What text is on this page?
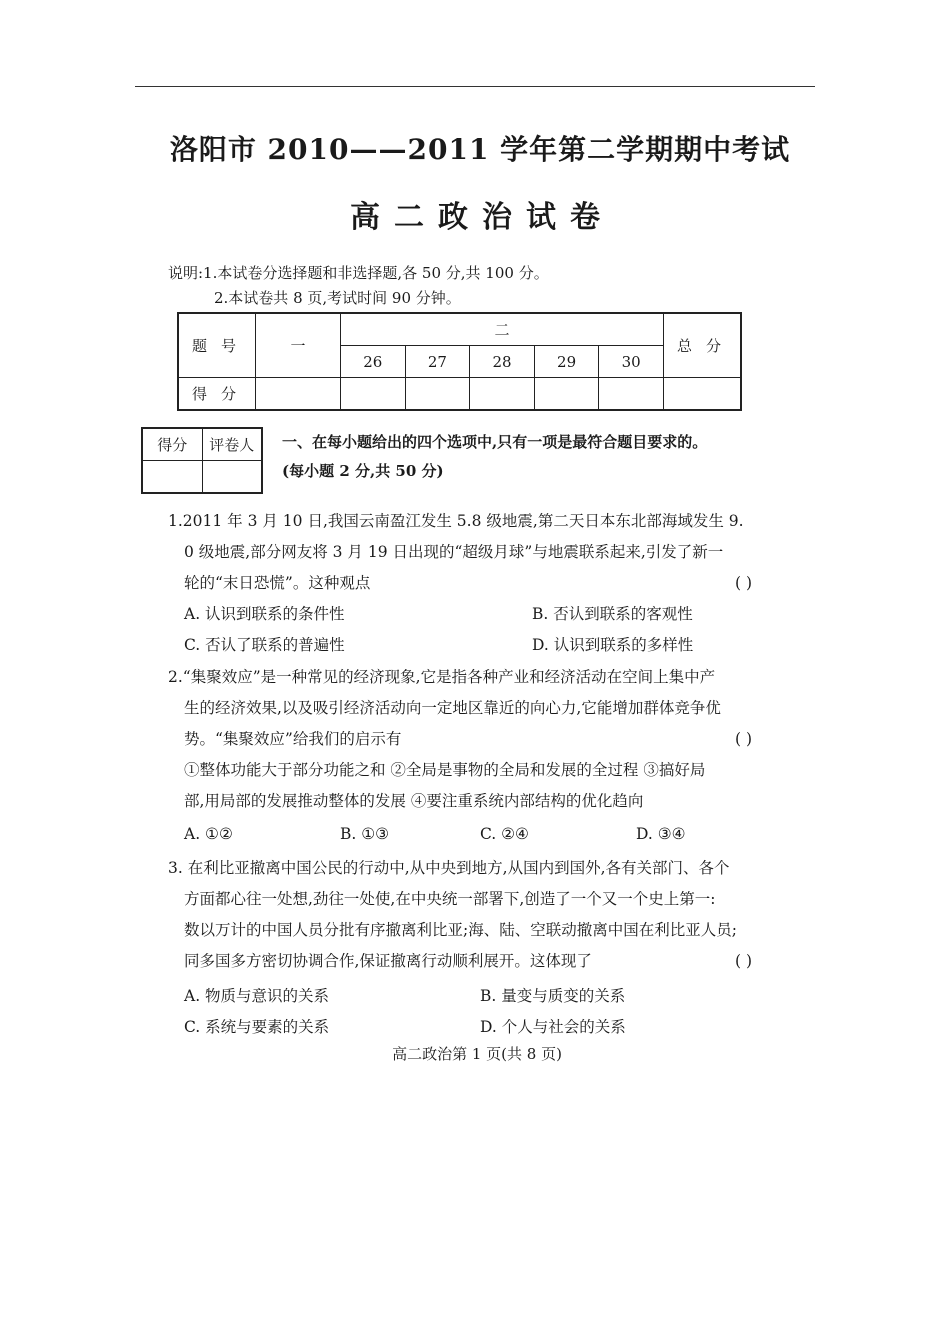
洛阳市 2010——2011 学年第二学期期中考试
高二政治试卷
说明:1.本试卷分选择题和非选择题,各 50 分,共 100 分。
2.本试卷共 8 页,考试时间 90 分钟。
题号	一	二					总分
		26	27	28	29	30	
得分							
得分	评卷人
	一、在每小题给出的四个选项中,只有一项是最符合题目要求的。
(每小题 2 分,共 50 分)
1.2011 年 3 月 10 日,我国云南盈江发生 5.8 级地震,第二天日本东北部海域发生 9.
0 级地震,部分网友将 3 月 19 日出现的“超级月球”与地震联系起来,引发了新一
轮的“末日恐慌”。这种观点	( )
A. 认识到联系的条件性	B. 否认到联系的客观性
C. 否认了联系的普遍性	D. 认识到联系的多样性
2.“集聚效应”是一种常见的经济现象,它是指各种产业和经济活动在空间上集中产
生的经济效果,以及吸引经济活动向一定地区靠近的向心力,它能增加群体竞争优
势。“集聚效应”给我们的启示有	( )
①整体功能大于部分功能之和 ②全局是事物的全局和发展的全过程 ③搞好局
部,用局部的发展推动整体的发展 ④要注重系统内部结构的优化趋向
A. ①②	B. ①③	C. ②④	D. ③④
3. 在利比亚撤离中国公民的行动中,从中央到地方,从国内到国外,各有关部门、各个
方面都心往一处想,劲往一处使,在中央统一部署下,创造了一个又一个史上第一:
数以万计的中国人员分批有序撤离利比亚;海、陆、空联动撤离中国在利比亚人员;
同多国多方密切协调合作,保证撤离行动顺利展开。这体现了	( )
A. 物质与意识的关系	B. 量变与质变的关系
C. 系统与要素的关系	D. 个人与社会的关系
高二政治第 1 页(共 8 页)
